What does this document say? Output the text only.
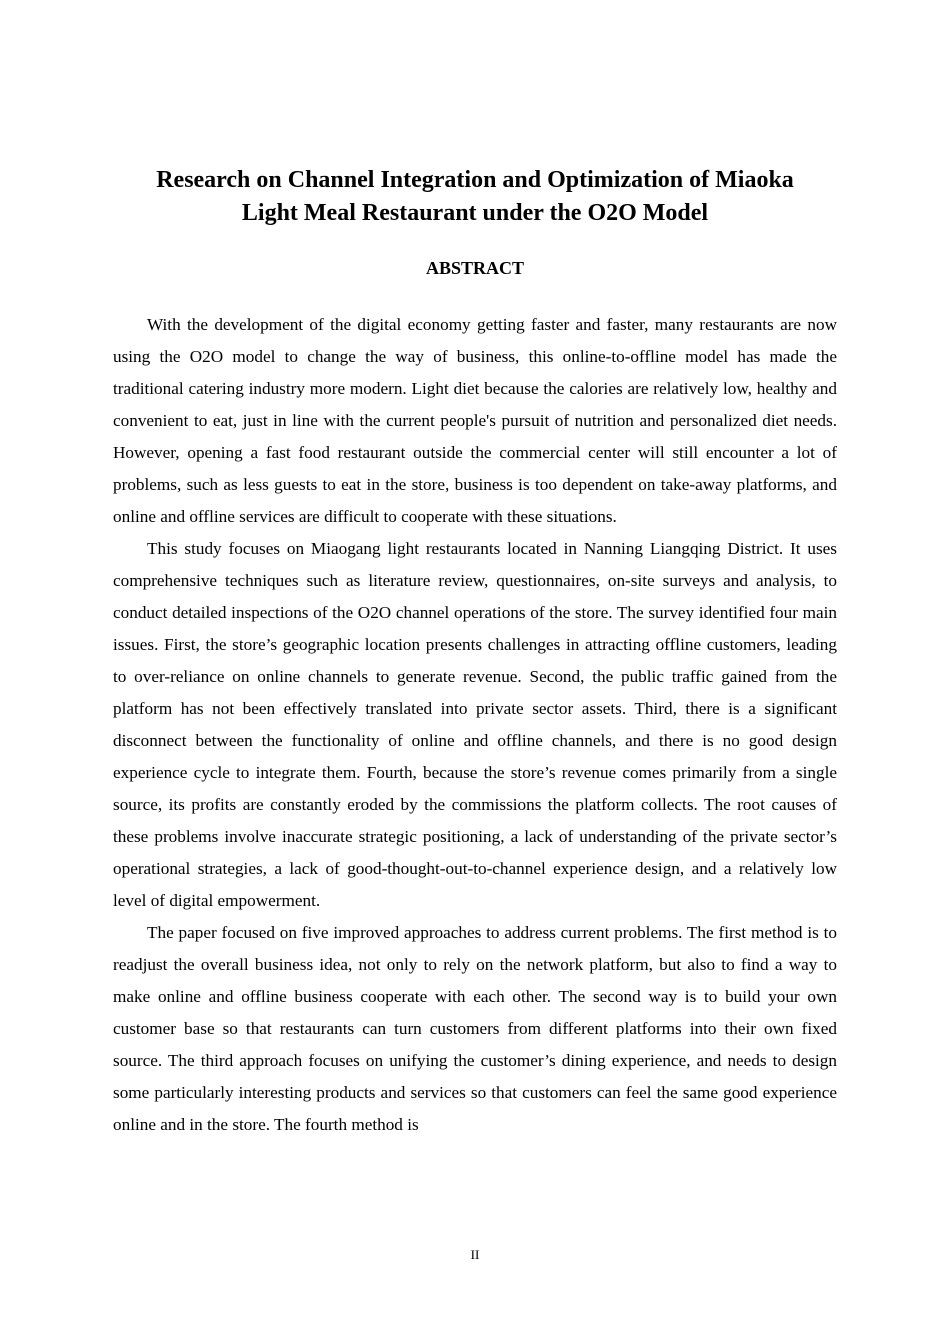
Research on Channel Integration and Optimization of Miaoka
Light Meal Restaurant under the O2O Model
ABSTRACT

With the development of the digital economy getting faster and faster, many restaurants are now using the O2O model to change the way of business, this online-to-offline model has made the traditional catering industry more modern. Light diet because the calories are relatively low, healthy and convenient to eat, just in line with the current people's pursuit of nutrition and personalized diet needs. However, opening a fast food restaurant outside the commercial center will still encounter a lot of problems, such as less guests to eat in the store, business is too dependent on take-away platforms, and online and offline services are difficult to cooperate with these situations.

This study focuses on Miaogang light restaurants located in Nanning Liangqing District. It uses comprehensive techniques such as literature review, questionnaires, on-site surveys and analysis, to conduct detailed inspections of the O2O channel operations of the store. The survey identified four main issues. First, the store’s geographic location presents challenges in attracting offline customers, leading to over-reliance on online channels to generate revenue. Second, the public traffic gained from the platform has not been effectively translated into private sector assets. Third, there is a significant disconnect between the functionality of online and offline channels, and there is no good design experience cycle to integrate them. Fourth, because the store’s revenue comes primarily from a single source, its profits are constantly eroded by the commissions the platform collects. The root causes of these problems involve inaccurate strategic positioning, a lack of understanding of the private sector’s operational strategies, a lack of good-thought-out-to-channel experience design, and a relatively low level of digital empowerment.

The paper focused on five improved approaches to address current problems. The first method is to readjust the overall business idea, not only to rely on the network platform, but also to find a way to make online and offline business cooperate with each other. The second way is to build your own customer base so that restaurants can turn customers from different platforms into their own fixed source. The third approach focuses on unifying the customer’s dining experience, and needs to design some particularly interesting products and services so that customers can feel the same good experience online and in the store. The fourth method is

II
